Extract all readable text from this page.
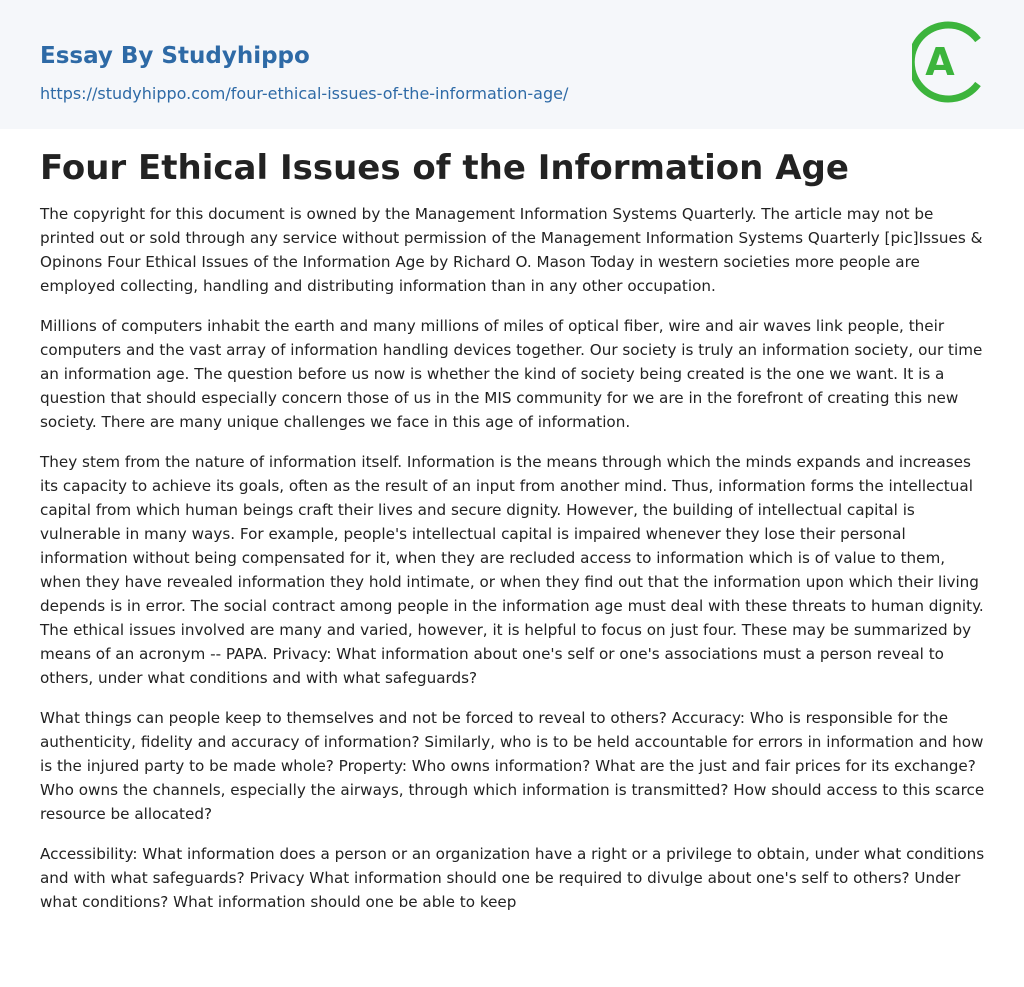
Essay By Studyhippo
https://studyhippo.com/four-ethical-issues-of-the-information-age/
A
Four Ethical Issues of the Information Age

The copyright for this document is owned by the Management Information Systems Quarterly. The article may not be printed out or sold through any service without permission of the Management Information Systems Quarterly [pic]Issues & Opinons Four Ethical Issues of the Information Age by Richard O. Mason Today in western societies more people are employed collecting, handling and distributing information than in any other occupation.

Millions of computers inhabit the earth and many millions of miles of optical fiber, wire and air waves link people, their computers and the vast array of information handling devices together. Our society is truly an information society, our time an information age. The question before us now is whether the kind of society being created is the one we want. It is a question that should especially concern those of us in the MIS community for we are in the forefront of creating this new society. There are many unique challenges we face in this age of information.

They stem from the nature of information itself. Information is the means through which the minds expands and increases its capacity to achieve its goals, often as the result of an input from another mind. Thus, information forms the intellectual capital from which human beings craft their lives and secure dignity. However, the building of intellectual capital is vulnerable in many ways. For example, people's intellectual capital is impaired whenever they lose their personal information without being compensated for it, when they are recluded access to information which is of value to them, when they have revealed information they hold intimate, or when they find out that the information upon which their living depends is in error. The social contract among people in the information age must deal with these threats to human dignity. The ethical issues involved are many and varied, however, it is helpful to focus on just four. These may be summarized by means of an acronym -- PAPA. Privacy: What information about one's self or one's associations must a person reveal to others, under what conditions and with what safeguards?

What things can people keep to themselves and not be forced to reveal to others? Accuracy: Who is responsible for the authenticity, fidelity and accuracy of information? Similarly, who is to be held accountable for errors in information and how is the injured party to be made whole? Property: Who owns information? What are the just and fair prices for its exchange? Who owns the channels, especially the airways, through which information is transmitted? How should access to this scarce resource be allocated?

Accessibility: What information does a person or an organization have a right or a privilege to obtain, under what conditions and with what safeguards? Privacy What information should one be required to divulge about one's self to others? Under what conditions? What information should one be able to keep
